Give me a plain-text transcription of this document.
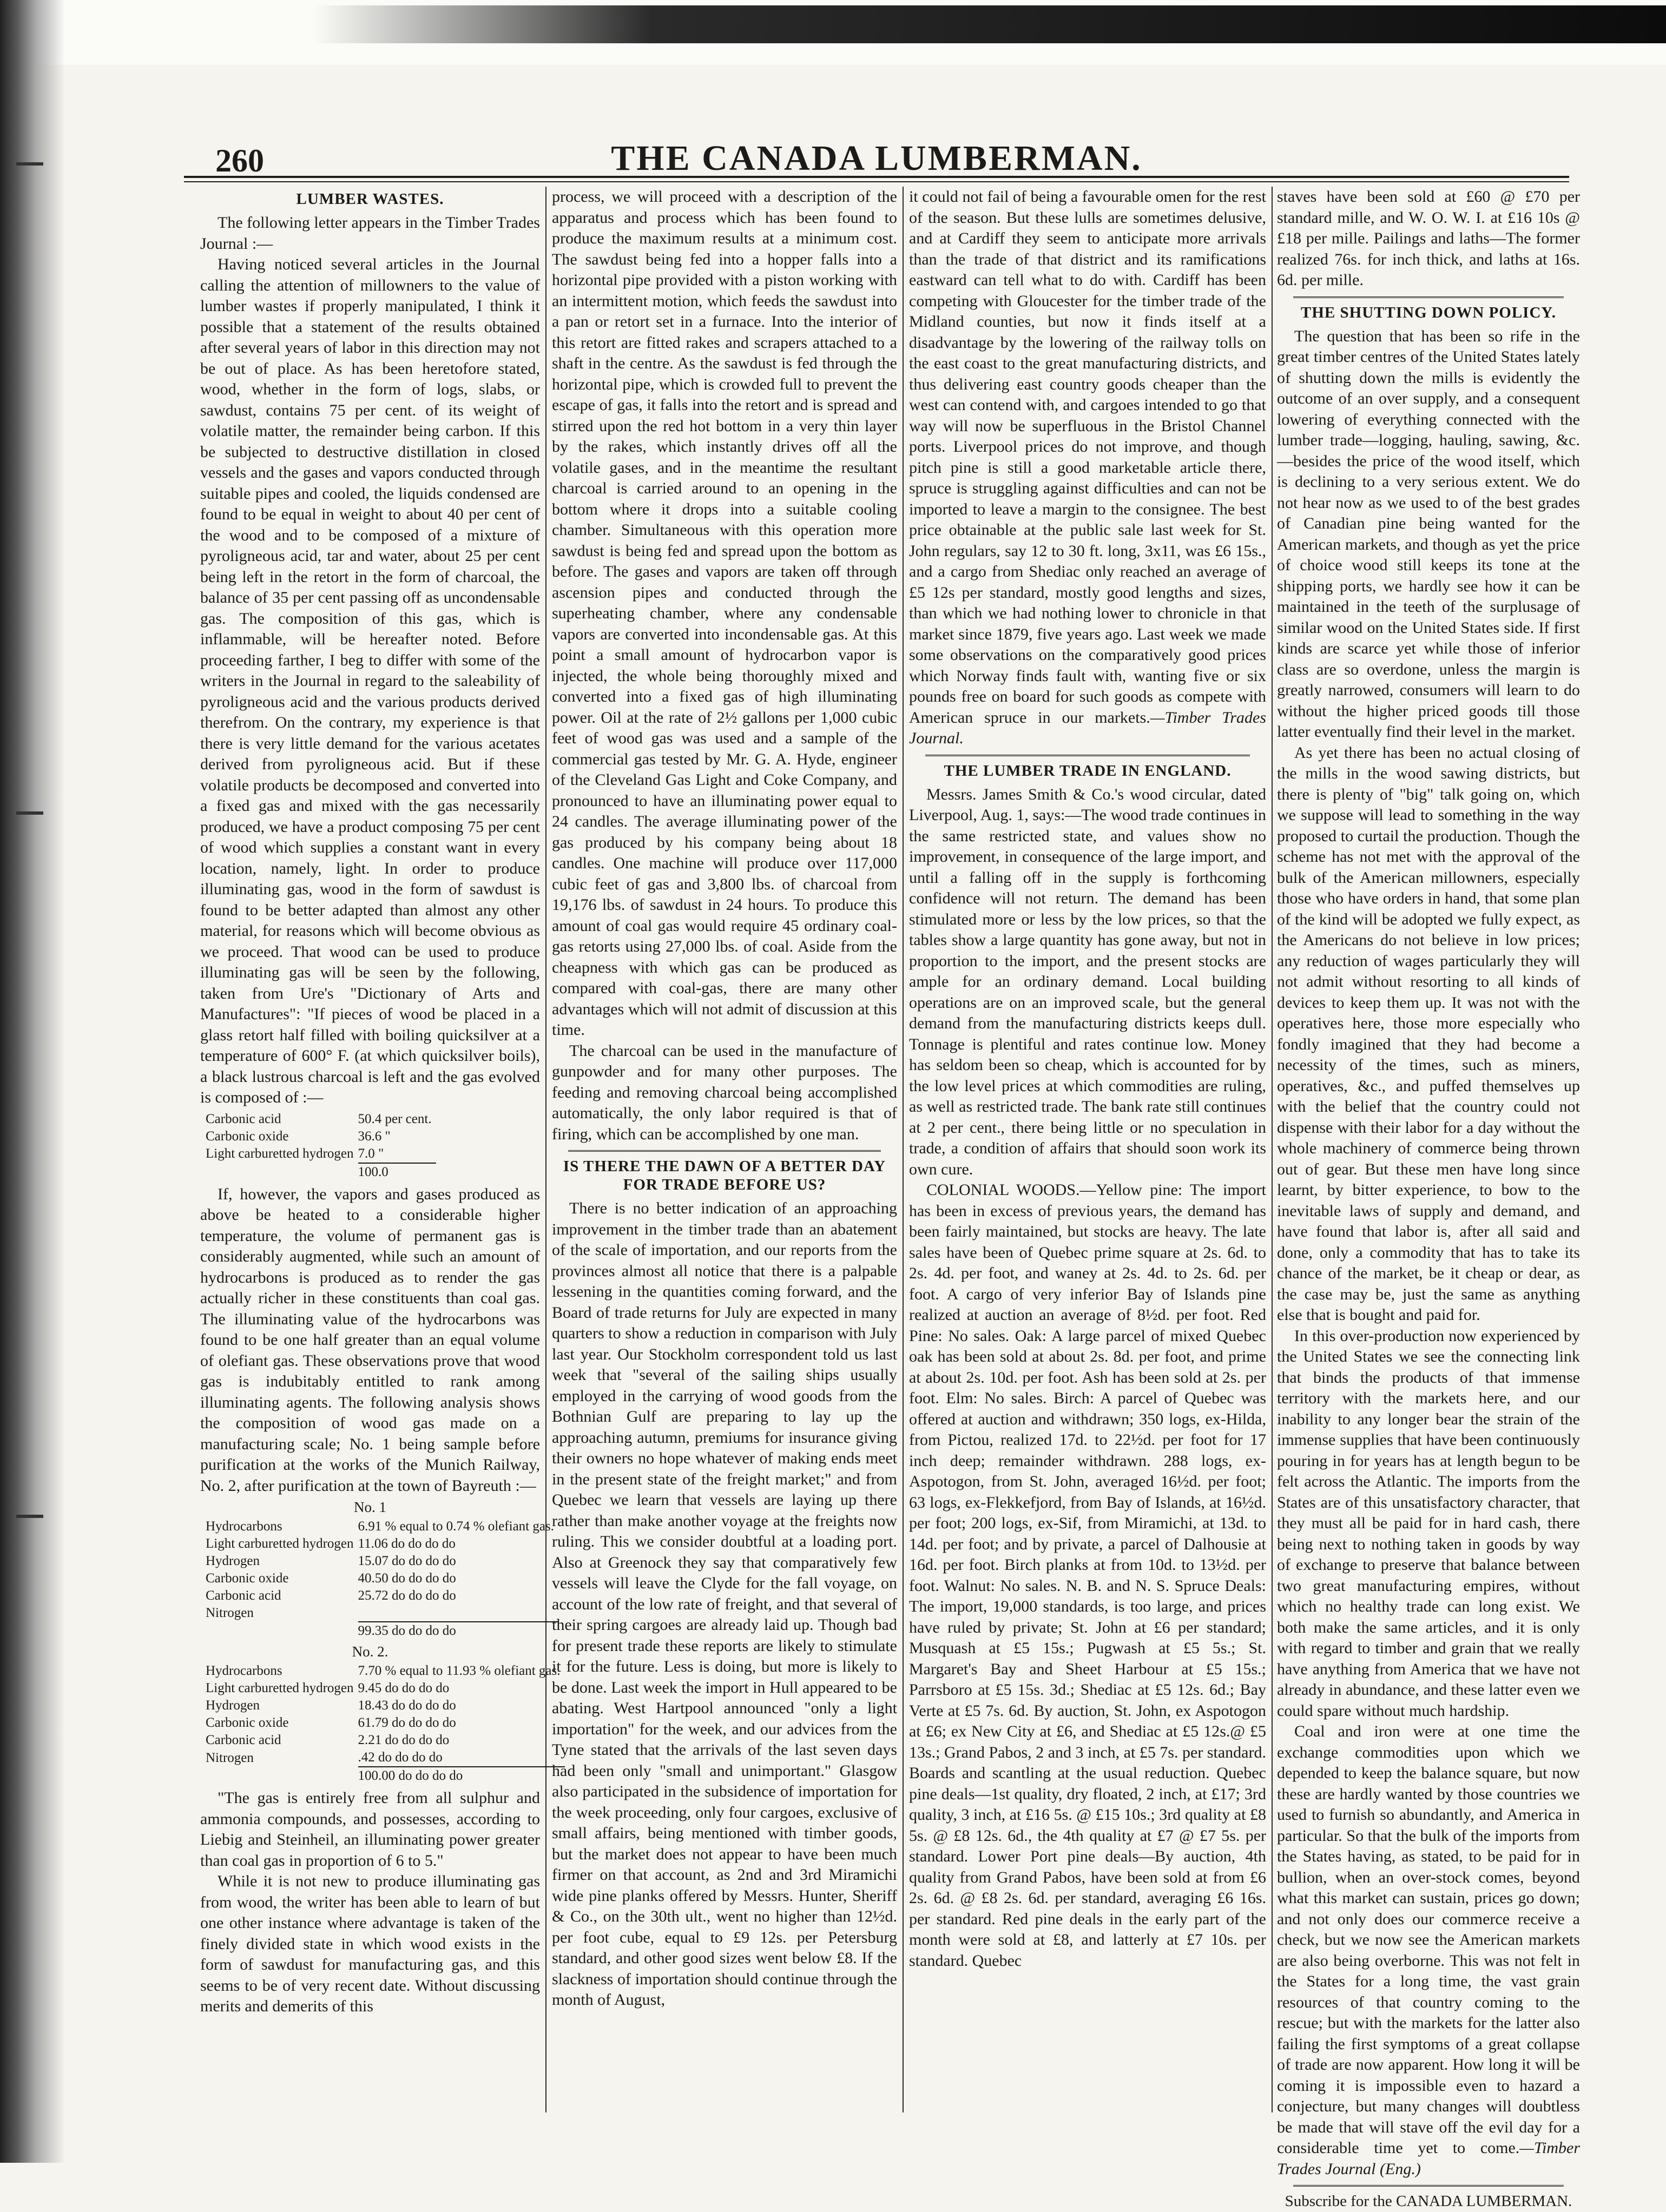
260	THE CANADA LUMBERMAN.
LUMBER WASTES.

The following letter appears in the Timber Trades Journal :—

Having noticed several articles in the Journal calling the attention of millowners to the value of lumber wastes if properly manipulated, I think it possible that a statement of the results obtained after several years of labor in this direction may not be out of place. As has been heretofore stated, wood, whether in the form of logs, slabs, or sawdust, contains 75 per cent. of its weight of volatile matter, the remainder being carbon. If this be subjected to destructive distillation in closed vessels and the gases and vapors conducted through suitable pipes and cooled, the liquids condensed are found to be equal in weight to about 40 per cent of the wood and to be composed of a mixture of pyroligneous acid, tar and water, about 25 per cent being left in the retort in the form of charcoal, the balance of 35 per cent passing off as uncondensable gas. The composition of this gas, which is inflammable, will be hereafter noted. Before proceeding farther, I beg to differ with some of the writers in the Journal in regard to the saleability of pyroligneous acid and the various products derived therefrom. On the contrary, my experience is that there is very little demand for the various acetates derived from pyroligneous acid. But if these volatile products be decomposed and converted into a fixed gas and mixed with the gas necessarily produced, we have a product composing 75 per cent of wood which supplies a constant want in every location, namely, light. In order to produce illuminating gas, wood in the form of sawdust is found to be better adapted than almost any other material, for reasons which will become obvious as we proceed. That wood can be used to produce illuminating gas will be seen by the following, taken from Ure's "Dictionary of Arts and Manufactures": "If pieces of wood be placed in a glass retort half filled with boiling quicksilver at a temperature of 600° F. (at which quicksilver boils), a black lustrous charcoal is left and the gas evolved is composed of :—

Carbonic acid	50.4 per cent.
Carbonic oxide	36.6 "
Light carburetted hydrogen	7.0 "
	100.0

If, however, the vapors and gases produced as above be heated to a considerable higher temperature, the volume of permanent gas is considerably augmented, while such an amount of hydrocarbons is produced as to render the gas actually richer in these constituents than coal gas. The illuminating value of the hydrocarbons was found to be one half greater than an equal volume of olefiant gas. These observations prove that wood gas is indubitably entitled to rank among illuminating agents. The following analysis shows the composition of wood gas made on a manufacturing scale; No. 1 being sample before purification at the works of the Munich Railway, No. 2, after purification at the town of Bayreuth :—

No. 1
Hydrocarbons	6.91 % equal to 0.74 % olefiant gas.
Light carburetted hydrogen	11.06 do do do do
Hydrogen	15.07 do do do do
Carbonic oxide	40.50 do do do do
Carbonic acid	25.72 do do do do
Nitrogen	
	99.35 do do do do
No. 2.
Hydrocarbons	7.70 % equal to 11.93 % olefiant gas.
Light carburetted hydrogen	9.45 do do do do
Hydrogen	18.43 do do do do
Carbonic oxide	61.79 do do do do
Carbonic acid	2.21 do do do do
Nitrogen	.42 do do do do
	100.00 do do do do

"The gas is entirely free from all sulphur and ammonia compounds, and possesses, according to Liebig and Steinheil, an illuminating power greater than coal gas in proportion of 6 to 5."

While it is not new to produce illuminating gas from wood, the writer has been able to learn of but one other instance where advantage is taken of the finely divided state in which wood exists in the form of sawdust for manufacturing gas, and this seems to be of very recent date. Without discussing merits and demerits of this

process, we will proceed with a description of the apparatus and process which has been found to produce the maximum results at a minimum cost. The sawdust being fed into a hopper falls into a horizontal pipe provided with a piston working with an intermittent motion, which feeds the sawdust into a pan or retort set in a furnace. Into the interior of this retort are fitted rakes and scrapers attached to a shaft in the centre. As the sawdust is fed through the horizontal pipe, which is crowded full to prevent the escape of gas, it falls into the retort and is spread and stirred upon the red hot bottom in a very thin layer by the rakes, which instantly drives off all the volatile gases, and in the meantime the resultant charcoal is carried around to an opening in the bottom where it drops into a suitable cooling chamber. Simultaneous with this operation more sawdust is being fed and spread upon the bottom as before. The gases and vapors are taken off through ascension pipes and conducted through the superheating chamber, where any condensable vapors are converted into incondensable gas. At this point a small amount of hydrocarbon vapor is injected, the whole being thoroughly mixed and converted into a fixed gas of high illuminating power. Oil at the rate of 2½ gallons per 1,000 cubic feet of wood gas was used and a sample of the commercial gas tested by Mr. G. A. Hyde, engineer of the Cleveland Gas Light and Coke Company, and pronounced to have an illuminating power equal to 24 candles. The average illuminating power of the gas produced by his company being about 18 candles. One machine will produce over 117,000 cubic feet of gas and 3,800 lbs. of charcoal from 19,176 lbs. of sawdust in 24 hours. To produce this amount of coal gas would require 45 ordinary coal-gas retorts using 27,000 lbs. of coal. Aside from the cheapness with which gas can be produced as compared with coal-gas, there are many other advantages which will not admit of discussion at this time.

The charcoal can be used in the manufacture of gunpowder and for many other purposes. The feeding and removing charcoal being accomplished automatically, the only labor required is that of firing, which can be accomplished by one man.

IS THERE THE DAWN OF A BETTER DAY FOR TRADE BEFORE US?

There is no better indication of an approaching improvement in the timber trade than an abatement of the scale of importation, and our reports from the provinces almost all notice that there is a palpable lessening in the quantities coming forward, and the Board of trade returns for July are expected in many quarters to show a reduction in comparison with July last year. Our Stockholm correspondent told us last week that "several of the sailing ships usually employed in the carrying of wood goods from the Bothnian Gulf are preparing to lay up the approaching autumn, premiums for insurance giving their owners no hope whatever of making ends meet in the present state of the freight market;" and from Quebec we learn that vessels are laying up there rather than make another voyage at the freights now ruling. This we consider doubtful at a loading port. Also at Greenock they say that comparatively few vessels will leave the Clyde for the fall voyage, on account of the low rate of freight, and that several of their spring cargoes are already laid up. Though bad for present trade these reports are likely to stimulate it for the future. Less is doing, but more is likely to be done. Last week the import in Hull appeared to be abating. West Hartpool announced "only a light importation" for the week, and our advices from the Tyne stated that the arrivals of the last seven days had been only "small and unimportant." Glasgow also participated in the subsidence of importation for the week proceeding, only four cargoes, exclusive of small affairs, being mentioned with timber goods, but the market does not appear to have been much firmer on that account, as 2nd and 3rd Miramichi wide pine planks offered by Messrs. Hunter, Sheriff & Co., on the 30th ult., went no higher than 12½d. per foot cube, equal to £9 12s. per Petersburg standard, and other good sizes went below £8. If the slackness of importation should continue through the month of August,

it could not fail of being a favourable omen for the rest of the season. But these lulls are sometimes delusive, and at Cardiff they seem to anticipate more arrivals than the trade of that district and its ramifications eastward can tell what to do with. Cardiff has been competing with Gloucester for the timber trade of the Midland counties, but now it finds itself at a disadvantage by the lowering of the railway tolls on the east coast to the great manufacturing districts, and thus delivering east country goods cheaper than the west can contend with, and cargoes intended to go that way will now be superfluous in the Bristol Channel ports. Liverpool prices do not improve, and though pitch pine is still a good marketable article there, spruce is struggling against difficulties and can not be imported to leave a margin to the consignee. The best price obtainable at the public sale last week for St. John regulars, say 12 to 30 ft. long, 3x11, was £6 15s., and a cargo from Shediac only reached an average of £5 12s per standard, mostly good lengths and sizes, than which we had nothing lower to chronicle in that market since 1879, five years ago. Last week we made some observations on the comparatively good prices which Norway finds fault with, wanting five or six pounds free on board for such goods as compete with American spruce in our markets.—Timber Trades Journal.

THE LUMBER TRADE IN ENGLAND.

Messrs. James Smith & Co.'s wood circular, dated Liverpool, Aug. 1, says:—The wood trade continues in the same restricted state, and values show no improvement, in consequence of the large import, and until a falling off in the supply is forthcoming confidence will not return. The demand has been stimulated more or less by the low prices, so that the tables show a large quantity has gone away, but not in proportion to the import, and the present stocks are ample for an ordinary demand. Local building operations are on an improved scale, but the general demand from the manufacturing districts keeps dull. Tonnage is plentiful and rates continue low. Money has seldom been so cheap, which is accounted for by the low level prices at which commodities are ruling, as well as restricted trade. The bank rate still continues at 2 per cent., there being little or no speculation in trade, a condition of affairs that should soon work its own cure.

COLONIAL WOODS.—Yellow pine: The import has been in excess of previous years, the demand has been fairly maintained, but stocks are heavy. The late sales have been of Quebec prime square at 2s. 6d. to 2s. 4d. per foot, and waney at 2s. 4d. to 2s. 6d. per foot. A cargo of very inferior Bay of Islands pine realized at auction an average of 8½d. per foot. Red Pine: No sales. Oak: A large parcel of mixed Quebec oak has been sold at about 2s. 8d. per foot, and prime at about 2s. 10d. per foot. Ash has been sold at 2s. per foot. Elm: No sales. Birch: A parcel of Quebec was offered at auction and withdrawn; 350 logs, ex-Hilda, from Pictou, realized 17d. to 22½d. per foot for 17 inch deep; remainder withdrawn. 288 logs, ex-Aspotogon, from St. John, averaged 16½d. per foot; 63 logs, ex-Flekkefjord, from Bay of Islands, at 16½d. per foot; 200 logs, ex-Sif, from Miramichi, at 13d. to 14d. per foot; and by private, a parcel of Dalhousie at 16d. per foot. Birch planks at from 10d. to 13½d. per foot. Walnut: No sales. N. B. and N. S. Spruce Deals: The import, 19,000 standards, is too large, and prices have ruled by private; St. John at £6 per standard; Musquash at £5 15s.; Pugwash at £5 5s.; St. Margaret's Bay and Sheet Harbour at £5 15s.; Parrsboro at £5 15s. 3d.; Shediac at £5 12s. 6d.; Bay Verte at £5 7s. 6d. By auction, St. John, ex Aspotogon at £6; ex New City at £6, and Shediac at £5 12s.@ £5 13s.; Grand Pabos, 2 and 3 inch, at £5 7s. per standard. Boards and scantling at the usual reduction. Quebec pine deals—1st quality, dry floated, 2 inch, at £17; 3rd quality, 3 inch, at £16 5s. @ £15 10s.; 3rd quality at £8 5s. @ £8 12s. 6d., the 4th quality at £7 @ £7 5s. per standard. Lower Port pine deals—By auction, 4th quality from Grand Pabos, have been sold at from £6 2s. 6d. @ £8 2s. 6d. per standard, averaging £6 16s. per standard. Red pine deals in the early part of the month were sold at £8, and latterly at £7 10s. per standard. Quebec

staves have been sold at £60 @ £70 per standard mille, and W. O. W. I. at £16 10s @ £18 per mille. Pailings and laths—The former realized 76s. for inch thick, and laths at 16s. 6d. per mille.

THE SHUTTING DOWN POLICY.

The question that has been so rife in the great timber centres of the United States lately of shutting down the mills is evidently the outcome of an over supply, and a consequent lowering of everything connected with the lumber trade—logging, hauling, sawing, &c.—besides the price of the wood itself, which is declining to a very serious extent. We do not hear now as we used to of the best grades of Canadian pine being wanted for the American markets, and though as yet the price of choice wood still keeps its tone at the shipping ports, we hardly see how it can be maintained in the teeth of the surplusage of similar wood on the United States side. If first kinds are scarce yet while those of inferior class are so overdone, unless the margin is greatly narrowed, consumers will learn to do without the higher priced goods till those latter eventually find their level in the market.

As yet there has been no actual closing of the mills in the wood sawing districts, but there is plenty of "big" talk going on, which we suppose will lead to something in the way proposed to curtail the production. Though the scheme has not met with the approval of the bulk of the American millowners, especially those who have orders in hand, that some plan of the kind will be adopted we fully expect, as the Americans do not believe in low prices; any reduction of wages particularly they will not admit without resorting to all kinds of devices to keep them up. It was not with the operatives here, those more especially who fondly imagined that they had become a necessity of the times, such as miners, operatives, &c., and puffed themselves up with the belief that the country could not dispense with their labor for a day without the whole machinery of commerce being thrown out of gear. But these men have long since learnt, by bitter experience, to bow to the inevitable laws of supply and demand, and have found that labor is, after all said and done, only a commodity that has to take its chance of the market, be it cheap or dear, as the case may be, just the same as anything else that is bought and paid for.

In this over-production now experienced by the United States we see the connecting link that binds the products of that immense territory with the markets here, and our inability to any longer bear the strain of the immense supplies that have been continuously pouring in for years has at length begun to be felt across the Atlantic. The imports from the States are of this unsatisfactory character, that they must all be paid for in hard cash, there being next to nothing taken in goods by way of exchange to preserve that balance between two great manufacturing empires, without which no healthy trade can long exist. We both make the same articles, and it is only with regard to timber and grain that we really have anything from America that we have not already in abundance, and these latter even we could spare without much hardship.

Coal and iron were at one time the exchange commodities upon which we depended to keep the balance square, but now these are hardly wanted by those countries we used to furnish so abundantly, and America in particular. So that the bulk of the imports from the States having, as stated, to be paid for in bullion, when an over-stock comes, beyond what this market can sustain, prices go down; and not only does our commerce receive a check, but we now see the American markets are also being overborne. This was not felt in the States for a long time, the vast grain resources of that country coming to the rescue; but with the markets for the latter also failing the first symptoms of a great collapse of trade are now apparent. How long it will be coming it is impossible even to hazard a conjecture, but many changes will doubtless be made that will stave off the evil day for a considerable time yet to come.—Timber Trades Journal (Eng.)

Subscribe for the CANADA LUMBERMAN.
